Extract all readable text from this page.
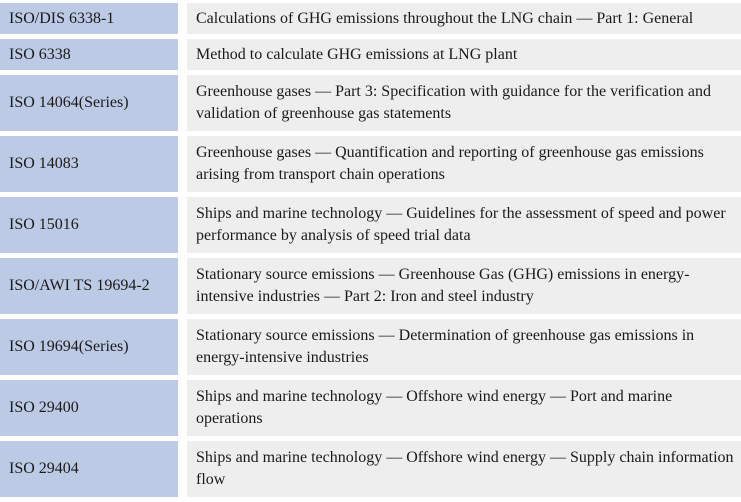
ISO/DIS 6338-1	Calculations of GHG emissions throughout the LNG chain — Part 1: General
ISO 6338	Method to calculate GHG emissions at LNG plant
ISO 14064(Series)
Greenhouse gases — Part 3: Specification with guidance for the verification and validation of greenhouse gas statements
ISO 14083
Greenhouse gases — Quantification and reporting of greenhouse gas emissions arising from transport chain operations
ISO 15016
Ships and marine technology — Guidelines for the assessment of speed and power performance by analysis of speed trial data
ISO/AWI TS 19694-2
Stationary source emissions — Greenhouse Gas (GHG) emissions in energy-intensive industries — Part 2: Iron and steel industry
ISO 19694(Series)
Stationary source emissions — Determination of greenhouse gas emissions in energy-intensive industries
ISO 29400
Ships and marine technology — Offshore wind energy — Port and marine operations
ISO 29404
Ships and marine technology — Offshore wind energy — Supply chain information flow
